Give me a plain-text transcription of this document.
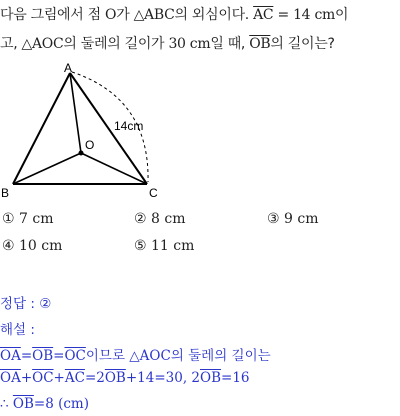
다음 그림에서 점 O가 △ABC의 외심이다. $\overline{AC} = 14$ cm이
고, △AOC의 둘레의 길이가 30 cm일 때, $\overline{OB}$의 길이는?
A
B	C
O
14cm
① 7 cm	② 8 cm	③ 9 cm
④ 10 cm	⑤ 11 cm
정답 : ②
해설 :
$\overline{OA}=\overline{OB}=\overline{OC}$이므로 △AOC의 둘레의 길이는
$\overline{OA}+\overline{OC}+\overline{AC}=2\overline{OB}+14=30$, $2\overline{OB}=16$
∴ $\overline{OB}=8$ (cm)
